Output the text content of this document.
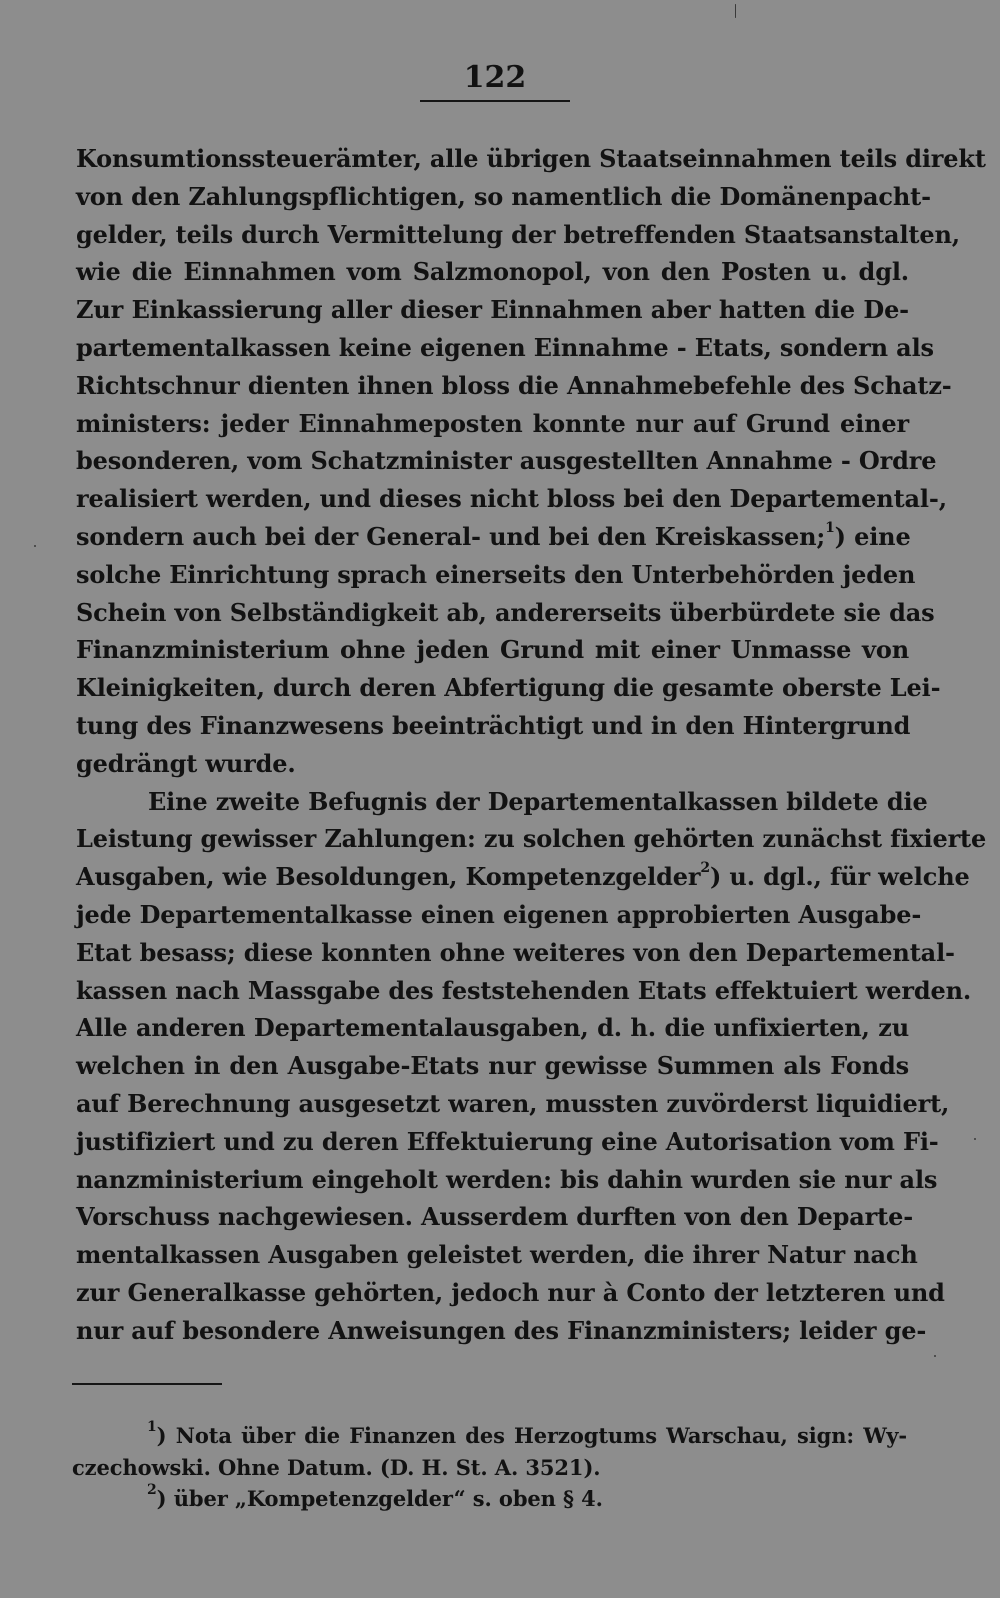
122

Konsumtionssteuerämter, alle übrigen Staatseinnahmen teils direkt
von den Zahlungspflichtigen, so namentlich die Domänenpacht-
gelder, teils durch Vermittelung der betreffenden Staatsanstalten,
wie die Einnahmen vom Salzmonopol, von den Posten u. dgl.
Zur Einkassierung aller dieser Einnahmen aber hatten die De-
partementalkassen keine eigenen Einnahme - Etats, sondern als
Richtschnur dienten ihnen bloss die Annahmebefehle des Schatz-
ministers: jeder Einnahmeposten konnte nur auf Grund einer
besonderen, vom Schatzminister ausgestellten Annahme - Ordre
realisiert werden, und dieses nicht bloss bei den Departemental-,
sondern auch bei der General- und bei den Kreiskassen;$^1$) eine
solche Einrichtung sprach einerseits den Unterbehörden jeden
Schein von Selbständigkeit ab, andererseits überbürdete sie das
Finanzministerium ohne jeden Grund mit einer Unmasse von
Kleinigkeiten, durch deren Abfertigung die gesamte oberste Lei-
tung des Finanzwesens beeinträchtigt und in den Hintergrund
gedrängt wurde.

Eine zweite Befugnis der Departementalkassen bildete die
Leistung gewisser Zahlungen: zu solchen gehörten zunächst fixierte
Ausgaben, wie Besoldungen, Kompetenzgelder$^2$) u. dgl., für welche
jede Departementalkasse einen eigenen approbierten Ausgabe-
Etat besass; diese konnten ohne weiteres von den Departemental-
kassen nach Massgabe des feststehenden Etats effektuiert werden.
Alle anderen Departementalausgaben, d. h. die unfixierten, zu
welchen in den Ausgabe-Etats nur gewisse Summen als Fonds
auf Berechnung ausgesetzt waren, mussten zuvörderst liquidiert,
justifiziert und zu deren Effektuierung eine Autorisation vom Fi-
nanzministerium eingeholt werden: bis dahin wurden sie nur als
Vorschuss nachgewiesen. Ausserdem durften von den Departe-
mentalkassen Ausgaben geleistet werden, die ihrer Natur nach
zur Generalkasse gehörten, jedoch nur à Conto der letzteren und
nur auf besondere Anweisungen des Finanzministers; leider ge-

$^1$) Nota über die Finanzen des Herzogtums Warschau, sign: Wy-
czechowski. Ohne Datum. (D. H. St. A. 3521).
$^2$) über „Kompetenzgelder“ s. oben § 4.
